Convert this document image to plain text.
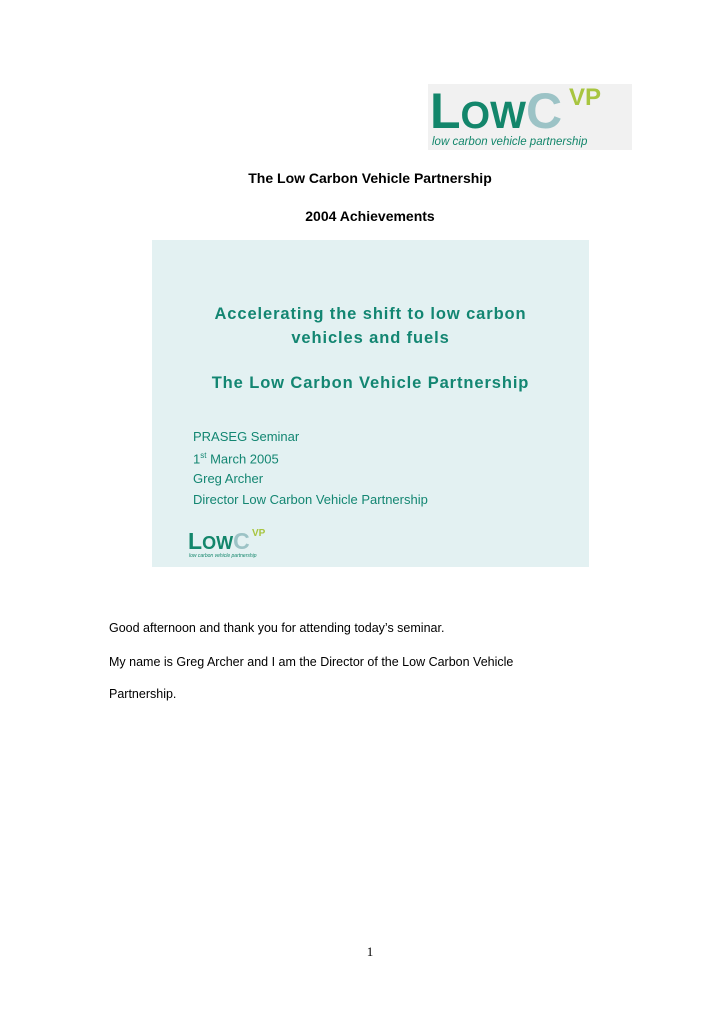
LOWC VP
low carbon vehicle partnership
The Low Carbon Vehicle Partnership
2004 Achievements
Accelerating the shift to low carbon
vehicles and fuels
The Low Carbon Vehicle Partnership
PRASEG Seminar
1st March 2005
Greg Archer
Director Low Carbon Vehicle Partnership
LOWC VP
low carbon vehicle partnership
Good afternoon and thank you for attending today’s seminar.
My name is Greg Archer and I am the Director of the Low Carbon Vehicle
Partnership.
1
